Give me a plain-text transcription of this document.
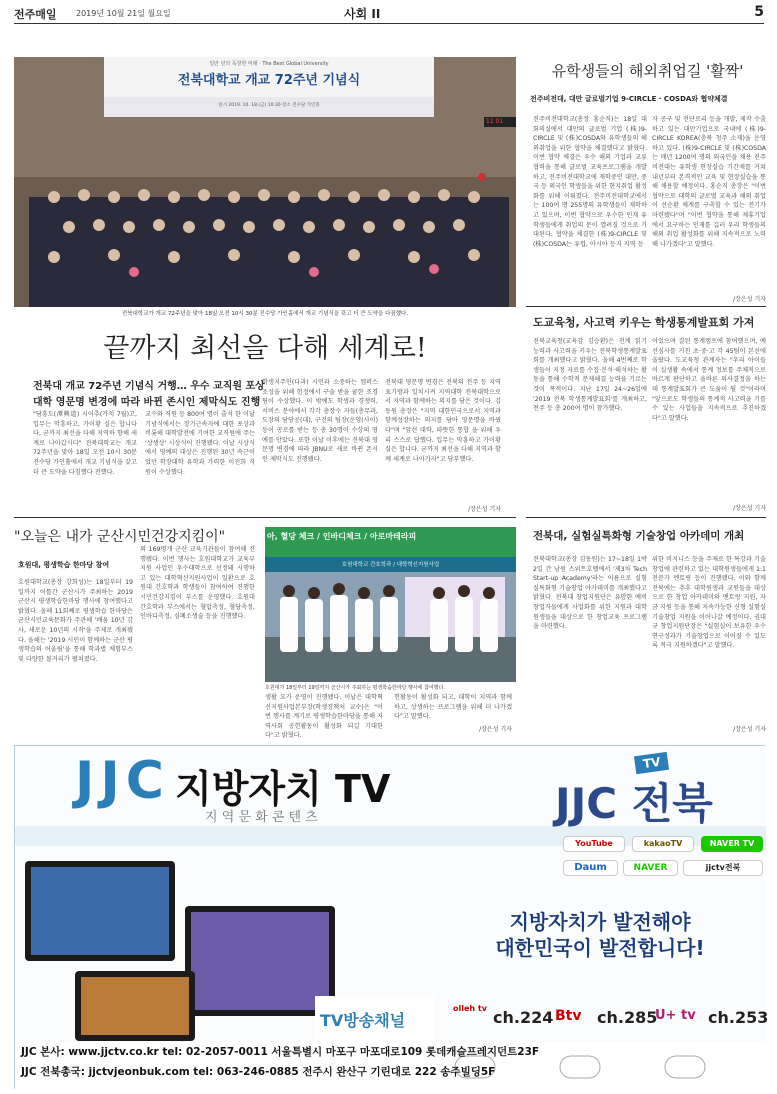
전주매일 2019년 10월 21일 월요일	사회 II	5
일만 년의 독창한 미래 · The Best Global University
전북대학교 개교 72주년 기념식
일시 2019. 10. 18.(금) 10:30 장소 진수당 가인홀
11 01
전북대학교가 개교 72주년을 맞아 18일 오전 10시 30분 진수당 가인홀에서 개교 기념식을 갖고 더 큰 도약을 다짐했다.
끝까지 최선을 다해 세계로!
전북대 개교 72주년 기념식 거행… 우수 교직원 포상
대학 영문명 변경에 따라 바뀐 존시인 제막식도 진행
"담흥도(潭興道) 시이추(가치 7월)고, 입무는 막흥하고, 가이황 실은 합니다다, 굳까지 최선을 다해 지역하 향해 세계로 나아갑시다" 전북대학교는 개교 72주년을 맞아 18일 오전 10시 30분 진수당 가인홀에서 개교 기념식을 갖고 더 큰 도약을 다짐했다 전했다.
교수와 직원 등 800여 명이 출석 한 이날 기념식에서는 장기근속자에 대한 포상과 비롯해 대학발전에 기여한 교직원에 주는 '상생상' 시상식이 진행됐다. 이날 시상식에서 영예의 대상은 진행된 30년 속근이었던 학장대학 유학과 가력한 이진희 직원이 수상했다.
학생지주인(다과) 시민과 소중하는 캠퍼스 조성을 위해 헌정에서 구술 받을 쿨한 조경팀이 수상했다. 이 밖에도 학생과 경쟁력, 서비스 분야에서 각각 총장수 자들(총무과, 도장의 담당공(대), 구진의 팀장(운영(사이) 등이 공로를 받는 등 총 30명이 수상의 영예를 안았다. 또한 이날 이후에는 전북대 영문명 변경에 따라 JBNU로 새로 바뀐 존시인 제막식도 진행됐다.
전북대 영문명 변경은 전북의 전주 등 지역 표기방과 일치시켜 지역대학 전북대학으로서 지역과 함께하는 의지를 담은 것이다. 김동원 총장은 "지역 대한민국으로서 지역과 함께성장하는 의지를 담아 영문명을 바꿨다"며 "앞선 대학, 따뜻한 통합 을 위해 우리 스스로 답했다. 입무는 막흥하고 가이황 실은 합니다. 굳까지 최선을 다해 지역과 함께 세계로 나아가자"고 당부했다.
/장은성 기자
유학생들의 해외취업길 '활짝'
전주비전대, 대만 글로벌기업 9-CIRCLE · COSDA와 협약체결
전주비전대학교(총장 홍순직)는 18일 대회의실에서 대만의 글로벌 기업 (株)9-CIRCLE 및 (株)COSDA와 유학생들의 해외취업을 위한 협약을 체결했다고 밝혔다. 이번 협약 체결은 우수 해외 기업과 교류 협력을 통해 글로벌 교육프로그램을 개발하고, 전주비전대학교에 재학중인 대만, 중국 등 외국인 학생들을 위한 현지취업 활성화를 위해 이뤄졌다. 전주비전대학교에서는 100여 명 255명의 유학생들이 재학하고 있으며, 이번 협약으로 우수한 인재 유학생들에게 취업의 문이 열려질 것으로 기대된다. 협약을 체결한 (株)9-CIRCLE 및 (株)COSDA는 유럽, 아시아 등지 지역 등
자 공구 및 전단로리 등을 개발, 제작 수출하고 있는 대만기업으로 국내에 (株)9-CIRCLE KOREA(충북 청주 소재)을 운영하고 있다. (株)9-CIRCLE 및 (株)COSDA는 매년 1200여 명의 외국인을 채용 전주비전대는 유학생 현장실습 기간제를 거쳐 내년부터 본격적인 교육 및 현장실습을 통해 채용할 예정이다. 홍순직 총장은 "이번 협약으로 대학의 글로벌 교육과 해외 취업이 선순환 체계를 구축할 수 있는 전기가 마련됐다"며 "이번 협약을 통해 제휴기업에서 요구하는 인재를 길러 우리 학생들의 해외 취업 활성화를 위해 지속적으로 노력해 나가겠다"고 말했다.
/장은성 기자
도교육청, 사고력 키우는 학생통계발표회 가져
전북교육청(교육감 김승환)은 전계 읽기 능력과 사고력을 키우는 전북학생통계발표회를 개최했다고 밝혔다. 올해 4번째로 학생들이 지정 자료를 수집·분석·해석하는 활동을 통해 수학적 문제해결 능력을 기르는 것이 목적이다. 지난 17일 24~26일에 '2019 전북 학생통계발표회'를 개최하고, 전주 등 총 200여 명이 참가했다.
이었으며 결된 통계캠프에 참여했으며, 예선심사를 거친 초·중·고 각 45팀이 본선에 올랐다. 도교육청 관계자는 "우리 아이들이 실생활 속에서 통계 정보를 주체적으로 바르게 판단하고 올바른 의사결정을 하는 데 통계발표회가 큰 도움이 될 것"이라며 "앞으로도 학생들의 통계적 사고력을 기를 수 있는 사업들을 지속적으로 추진하겠다"고 말했다.
/장은성 기자
"오늘은 내가 군산시민건강지킴이"
호원대, 평생학습 한마당 참여
호원대학교(총장 강희성)는 18일부터 19일까지 이틀간 군산시가 주최하는 2019 군산시 평생학습한마당 행사에 참여했다고 밝혔다. 올해 11회째로 평생학습 한마당은 군산시민교육문화가 주관해 '배움 10년 감사, 새로운 10년의 시작'을 주제로 개최됐다. 올해는 '2019 시민이 함께하는 군산 평생학습의 어울림'을 통해 학과별 체험부스 및 다양한 볼거리가 펼쳐졌다.
외 169명개 군산 교육기관들이 참여해 진행됐다. 이번 행사는 호원대학교가 교육부 지원 사업인 우수대학으로 선정돼 시행하고 있는 대학혁신지원사업이 일환으로 호원대 간호학과 학생들이 참여하여 진행한 시민건강지킴이 부스를 운영했다. 호원대 간호학과 부스에서는 혈압측정, 혈당측정, 인바디측정, 심폐소생술 등을 진행했다.
아, 혈당 체크 / 인바디체크 / 아로마테라피
호원대학교 간호학과 / 대학혁신지원사업
호원대가 18일부터 19일까지 군산시가 주최하는 평생학습한마당 행사에 참여했다.
생활 요가 운영이 진행됐다. 이날은 대학혁신지원사업본부장(학생정책처 교수)은 "이번 행사를 계기로 평생학습한마당을 통해 지역사회 공헌활동이 활성화 되길 기대한다"고 밝혔다.
헌활동이 활성화 되고, 대학이 지역과 함께하고, 상생하는 프로그램을 위해 더 나가겠다"고 말했다.
/장은성 기자
전북대, 실험실특화형 기술창업 아카데미 개최
전북대학교(총장 김동원)는 17~18일 1박 2일 간 남원 스위트호텔에서 '제3차 Tech Start-up Academy'라는 이름으로 실험실특화형 기술창업 아카데미를 개최했다고 밝혔다. 전북대 창업지원단은 유망한 예비 창업자들에게 사업화를 위한 지원과 대학원생들을 대상으로 한 창업교육 프로그램을 마련했다.
위한 비지니스 등을 주제로 한 특강과 기술창업에 관련하고 있는 대학원생들에게 1:1 전문가 멘토링 등이 진행됐다. 이와 함께 전북에는 추후 대학원생과 교원들을 대상으로 한 창업 아카데미와 멘토링 지원, 자금 지원 등을 통해 지속가능한 신형 실험실 기술창업 지원을 이어나갈 예정이다. 권대규 창업지원단장은 "실험실이 보유한 우수 연구성과가 기술창업으로 이어질 수 있도록 적극 지원하겠다"고 말했다.
/장은성 기자
JJC 지방자치 TV
지 역 문 화 콘 텐 츠	JJC 전북
TV
YouTube	kakaoTV	NAVER TV
Daum	NAVER	jjctv전북
지방자치가 발전해야
대한민국이 발전합니다!
TV방송채널
olleh tv ch.224 Btv ch.285
U+ tv ch.253
JJC 본사: www.jjctv.co.kr tel: 02-2057-0011 서울특별시 마포구 마포대로109 롯데캐슬프레지던트23F
JJC 전북총국: jjctvjeonbuk.com tel: 063-246-0885 전주시 완산구 기린대로 222 송주빌딩5F
